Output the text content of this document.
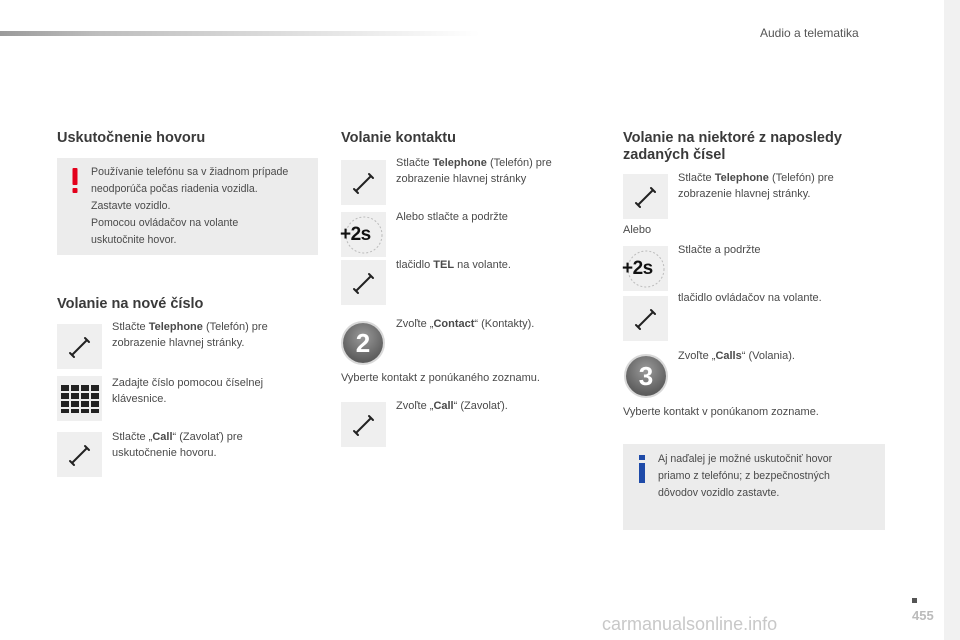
Audio a telematika
Uskutočnenie hovoru
Používanie telefónu sa v žiadnom prípade
neodporúča počas riadenia vozidla.
Zastavte vozidlo.
Pomocou ovládačov na volante
uskutočnite hovor.
Volanie na nové číslo
Stlačte Telephone (Telefón) pre
zobrazenie hlavnej stránky.
Zadajte číslo pomocou číselnej
klávesnice.
Stlačte „Call“ (Zavolať) pre
uskutočnenie hovoru.
Volanie kontaktu
Stlačte Telephone (Telefón) pre
zobrazenie hlavnej stránky
+2s
Alebo stlačte a podržte
tlačidlo TEL na volante.
2
Zvoľte „Contact“ (Kontakty).
Vyberte kontakt z ponúkaného zoznamu.
Zvoľte „Call“ (Zavolať).
Volanie na niektoré z naposledy
zadaných čísel
Stlačte Telephone (Telefón) pre
zobrazenie hlavnej stránky.
Alebo
+2s
Stlačte a podržte
tlačidlo ovládačov na volante.
3
Zvoľte „Calls“ (Volania).
Vyberte kontakt v ponúkanom zozname.
Aj naďalej je možné uskutočniť hovor
priamo z telefónu; z bezpečnostných
dôvodov vozidlo zastavte.
455
carmanualsonline.info
